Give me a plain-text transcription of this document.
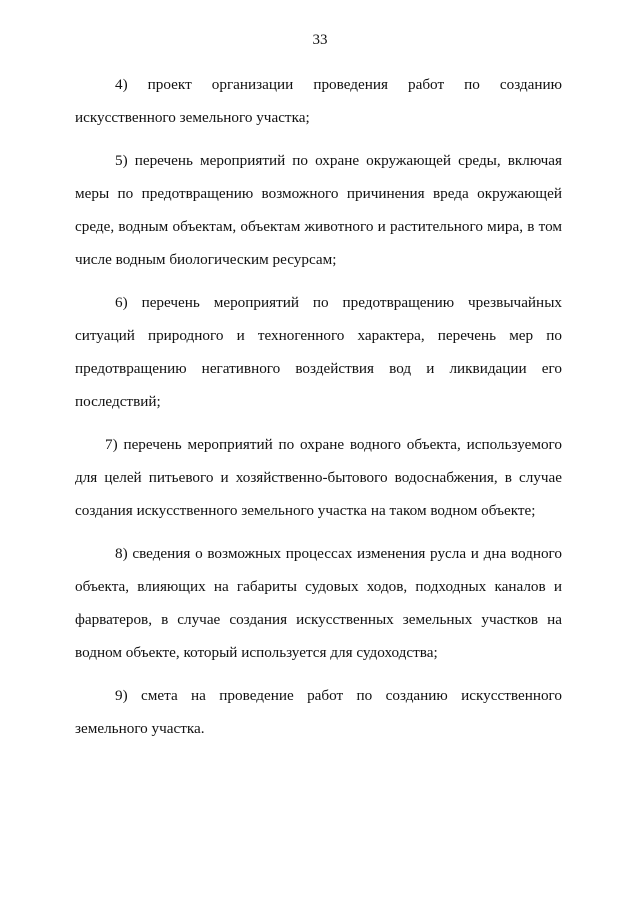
33

4) проект организации проведения работ по созданию искусственного земельного участка;

5) перечень мероприятий по охране окружающей среды, включая меры по предотвращению возможного причинения вреда окружающей среде, водным объектам, объектам животного и растительного мира, в том числе водным биологическим ресурсам;

6) перечень мероприятий по предотвращению чрезвычайных ситуаций природного и техногенного характера, перечень мер по предотвращению негативного воздействия вод и ликвидации его последствий;

7) перечень мероприятий по охране водного объекта, используемого для целей питьевого и хозяйственно-бытового водоснабжения, в случае создания искусственного земельного участка на таком водном объекте;

8) сведения о возможных процессах изменения русла и дна водного объекта, влияющих на габариты судовых ходов, подходных каналов и фарватеров, в случае создания искусственных земельных участков на водном объекте, который используется для судоходства;

9) смета на проведение работ по созданию искусственного земельного участка.
